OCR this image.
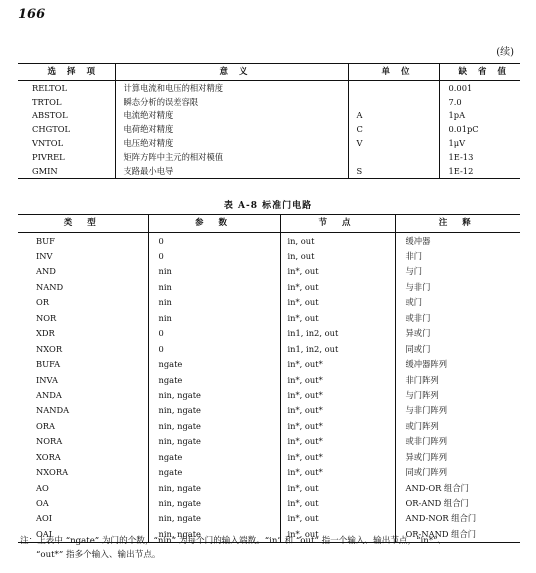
166
(续)
选 择 项	意 义	单 位	缺 省 值
RELTOL	计算电流和电压的相对精度		0.001
TRTOL	瞬态分析的误差容限		7.0
ABSTOL	电流绝对精度	A	1pA
CHGTOL	电荷绝对精度	C	0.01pC
VNTOL	电压绝对精度	V	1μV
PIVREL	矩阵方阵中主元的相对模值		1E-13
GMIN	支路最小电导	S	1E-12
表 A-8 标准门电路
类 型	参 数	节 点	注 释
BUF	0	in, out	缓冲器
INV	0	in, out	非门
AND	nin	in*, out	与门
NAND	nin	in*, out	与非门
OR	nin	in*, out	或门
NOR	nin	in*, out	或非门
XDR	0	in1, in2, out	异或门
NXOR	0	in1, in2, out	同或门
BUFA	ngate	in*, out*	缓冲器阵列
INVA	ngate	in*, out*	非门阵列
ANDA	nin, ngate	in*, out*	与门阵列
NANDA	nin, ngate	in*, out*	与非门阵列
ORA	nin, ngate	in*, out*	或门阵列
NORA	nin, ngate	in*, out*	或非门阵列
XORA	ngate	in*, out*	异或门阵列
NXORA	ngate	in*, out*	同或门阵列
AO	nin, ngate	in*, out	AND-OR 组合门
OA	nin, ngate	in*, out	OR-AND 组合门
AOI	nin, ngate	in*, out	AND-NOR 组合门
OAI	nin, ngate	in*, out	OR-NAND 组合门
注：上表中 “ngate” 为门的个数，“nin” 为每个门的输入端数。“in” 和 “out” 指一个输入、输出节点，“in*”、
“out*” 指多个输入、输出节点。
